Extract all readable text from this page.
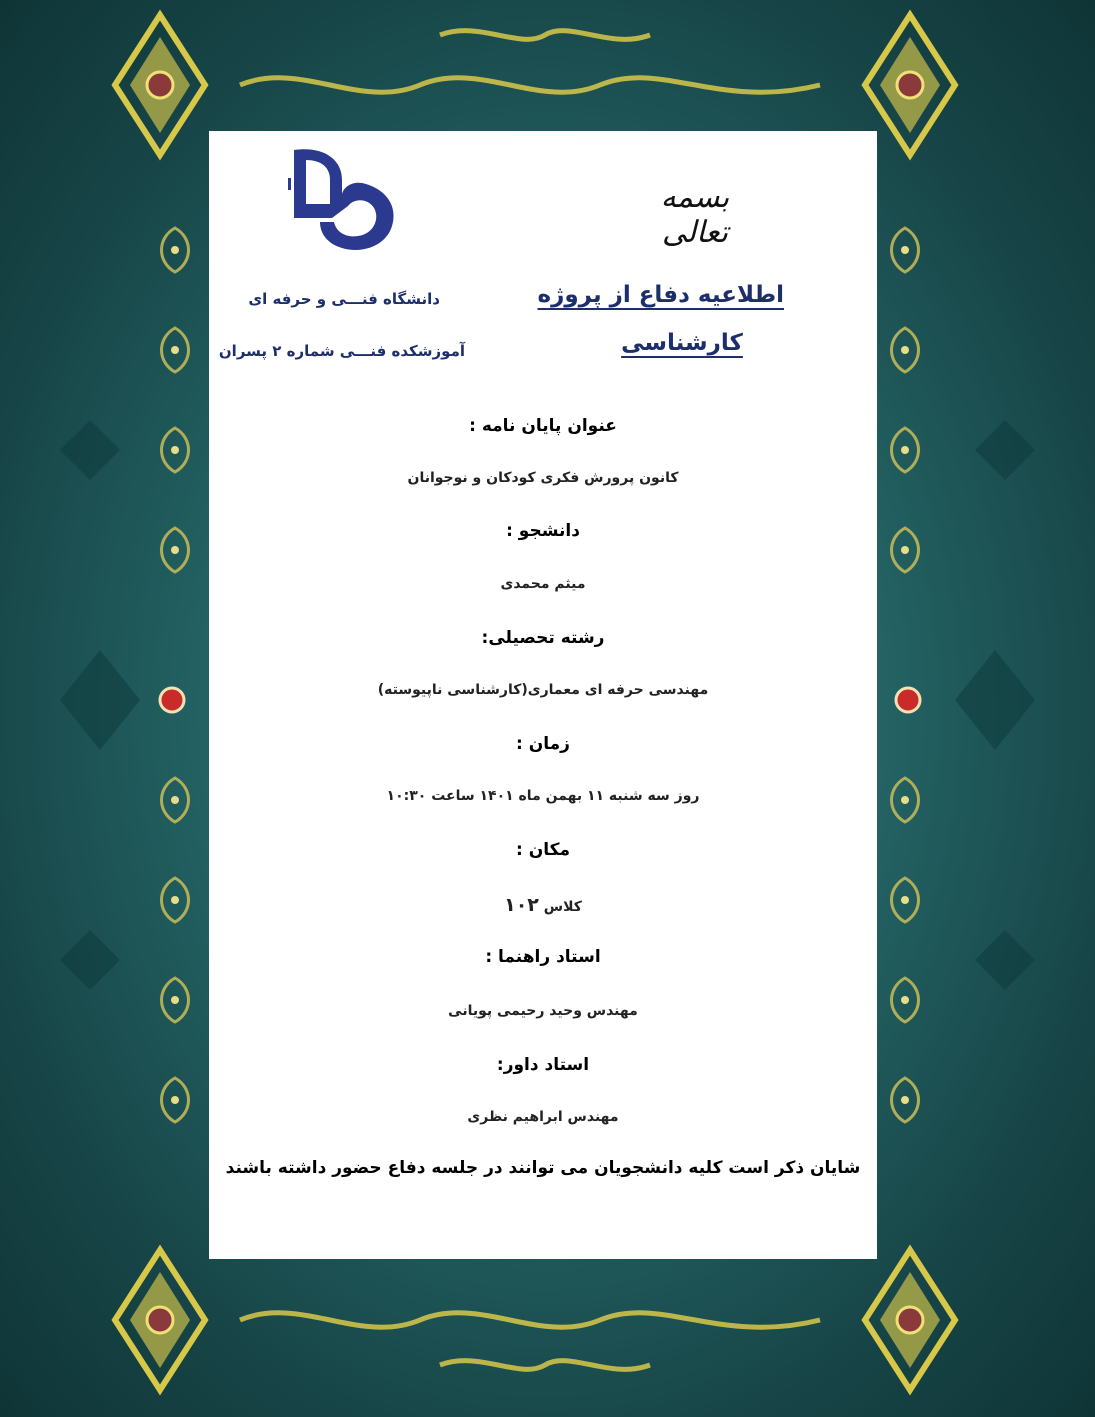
بسمه تعالی
اطلاعیه دفاع از پروژه
کارشناسی
دانشگاه فنـــی و حرفه ای
آموزشکده فنـــی شماره ۲ پسران
عنوان پایان نامه :
کانون پرورش فکری کودکان و نوجوانان
دانشجو :
میثم محمدی
رشته تحصیلی:
مهندسی حرفه ای معماری(کارشناسی ناپیوسته)
زمان :
روز سه شنبه ۱۱ بهمن ماه ۱۴۰۱ ساعت ۱۰:۳۰
مکان :
کلاس ۱۰۲
استاد راهنما :
مهندس وحید رحیمی پویانی
استاد داور:
مهندس ابراهیم نظری
شایان ذکر است کلیه دانشجویان می توانند در جلسه دفاع حضور داشته باشند
